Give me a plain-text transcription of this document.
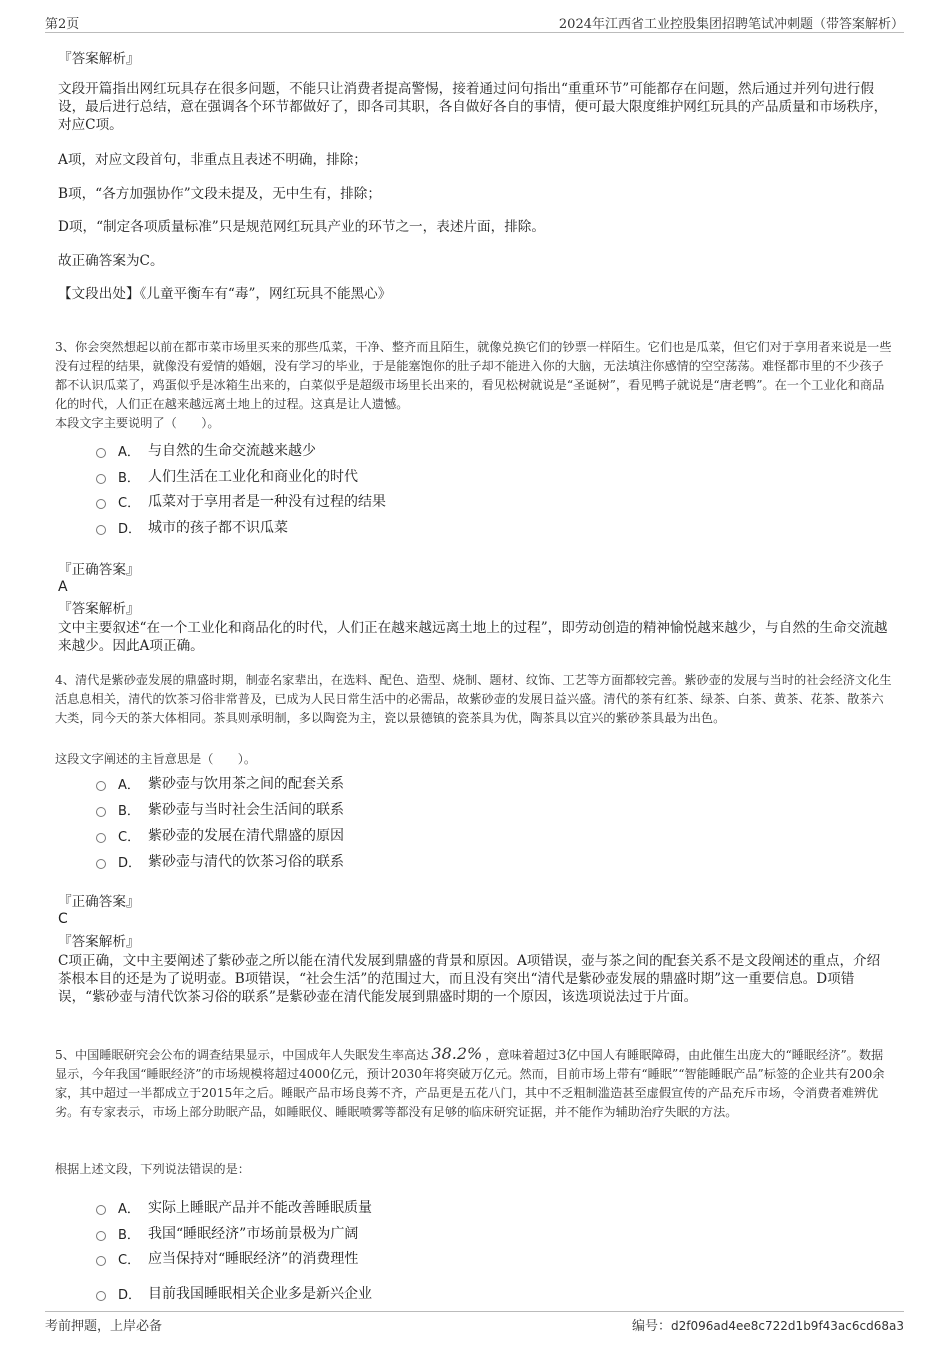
第2页	2024年江西省工业控股集团招聘笔试冲刺题（带答案解析）

『答案解析』

文段开篇指出网红玩具存在很多问题，不能只让消费者提高警惕，接着通过问句指出“重重环节”可能都存在问题，然后通过并列句进行假设，最后进行总结，意在强调各个环节都做好了，即各司其职，各自做好各自的事情，便可最大限度维护网红玩具的产品质量和市场秩序，对应C项。

A项，对应文段首句，非重点且表述不明确，排除；

B项，“各方加强协作”文段未提及，无中生有，排除；

D项，“制定各项质量标准”只是规范网红玩具产业的环节之一，表述片面，排除。

故正确答案为C。

【文段出处】《儿童平衡车有“毒”，网红玩具不能黑心》

3、你会突然想起以前在都市菜市场里买来的那些瓜菜，干净、整齐而且陌生，就像兑换它们的钞票一样陌生。它们也是瓜菜，但它们对于享用者来说是一些没有过程的结果，就像没有爱情的婚姻，没有学习的毕业，于是能塞饱你的肚子却不能进入你的大脑，无法填注你感情的空空荡荡。难怪都市里的不少孩子都不认识瓜菜了，鸡蛋似乎是冰箱生出来的，白菜似乎是超级市场里长出来的，看见松树就说是“圣诞树”，看见鸭子就说是“唐老鸭”。在一个工业化和商品化的时代，人们正在越来越远离土地上的过程。这真是让人遗憾。

本段文字主要说明了（　　）。

A． 与自然的生命交流越来越少
B． 人们生活在工业化和商业化的时代
C． 瓜菜对于享用者是一种没有过程的结果
D． 城市的孩子都不识瓜菜

『正确答案』

A

『答案解析』

文中主要叙述“在一个工业化和商品化的时代，人们正在越来越远离土地上的过程”，即劳动创造的精神愉悦越来越少，与自然的生命交流越来越少。因此A项正确。

4、清代是紫砂壶发展的鼎盛时期，制壶名家辈出，在选料、配色、造型、烧制、题材、纹饰、工艺等方面都较完善。紫砂壶的发展与当时的社会经济文化生活息息相关，清代的饮茶习俗非常普及，已成为人民日常生活中的必需品，故紫砂壶的发展日益兴盛。清代的茶有红茶、绿茶、白茶、黄茶、花茶、散茶六大类，同今天的茶大体相同。茶具则承明制，多以陶瓷为主，瓷以景德镇的瓷茶具为优，陶茶具以宜兴的紫砂茶具最为出色。

这段文字阐述的主旨意思是（　　）。

A． 紫砂壶与饮用茶之间的配套关系
B． 紫砂壶与当时社会生活间的联系
C． 紫砂壶的发展在清代鼎盛的原因
D． 紫砂壶与清代的饮茶习俗的联系

『正确答案』

C

『答案解析』

C项正确，文中主要阐述了紫砂壶之所以能在清代发展到鼎盛的背景和原因。A项错误，壶与茶之间的配套关系不是文段阐述的重点，介绍茶根本目的还是为了说明壶。B项错误，“社会生活”的范围过大，而且没有突出“清代是紫砂壶发展的鼎盛时期”这一重要信息。D项错误，“紫砂壶与清代饮茶习俗的联系”是紫砂壶在清代能发展到鼎盛时期的一个原因，该选项说法过于片面。

5、中国睡眠研究会公布的调查结果显示，中国成年人失眠发生率高达 38.2% ，意味着超过3亿中国人有睡眠障碍，由此催生出庞大的“睡眠经济”。数据显示，今年我国“睡眠经济”的市场规模将超过4000亿元，预计2030年将突破万亿元。然而，目前市场上带有“睡眠”“智能睡眠产品”标签的企业共有200余家，其中超过一半都成立于2015年之后。睡眠产品市场良莠不齐，产品更是五花八门，其中不乏粗制滥造甚至虚假宣传的产品充斥市场，令消费者难辨优劣。有专家表示，市场上部分助眠产品，如睡眠仪、睡眠喷雾等都没有足够的临床研究证据，并不能作为辅助治疗失眠的方法。

根据上述文段，下列说法错误的是：

A． 实际上睡眠产品并不能改善睡眠质量
B． 我国“睡眠经济”市场前景极为广阔
C． 应当保持对“睡眠经济”的消费理性
D． 目前我国睡眠相关企业多是新兴企业
考前押题，上岸必备	编号：d2f096ad4ee8c722d1b9f43ac6cd68a3
